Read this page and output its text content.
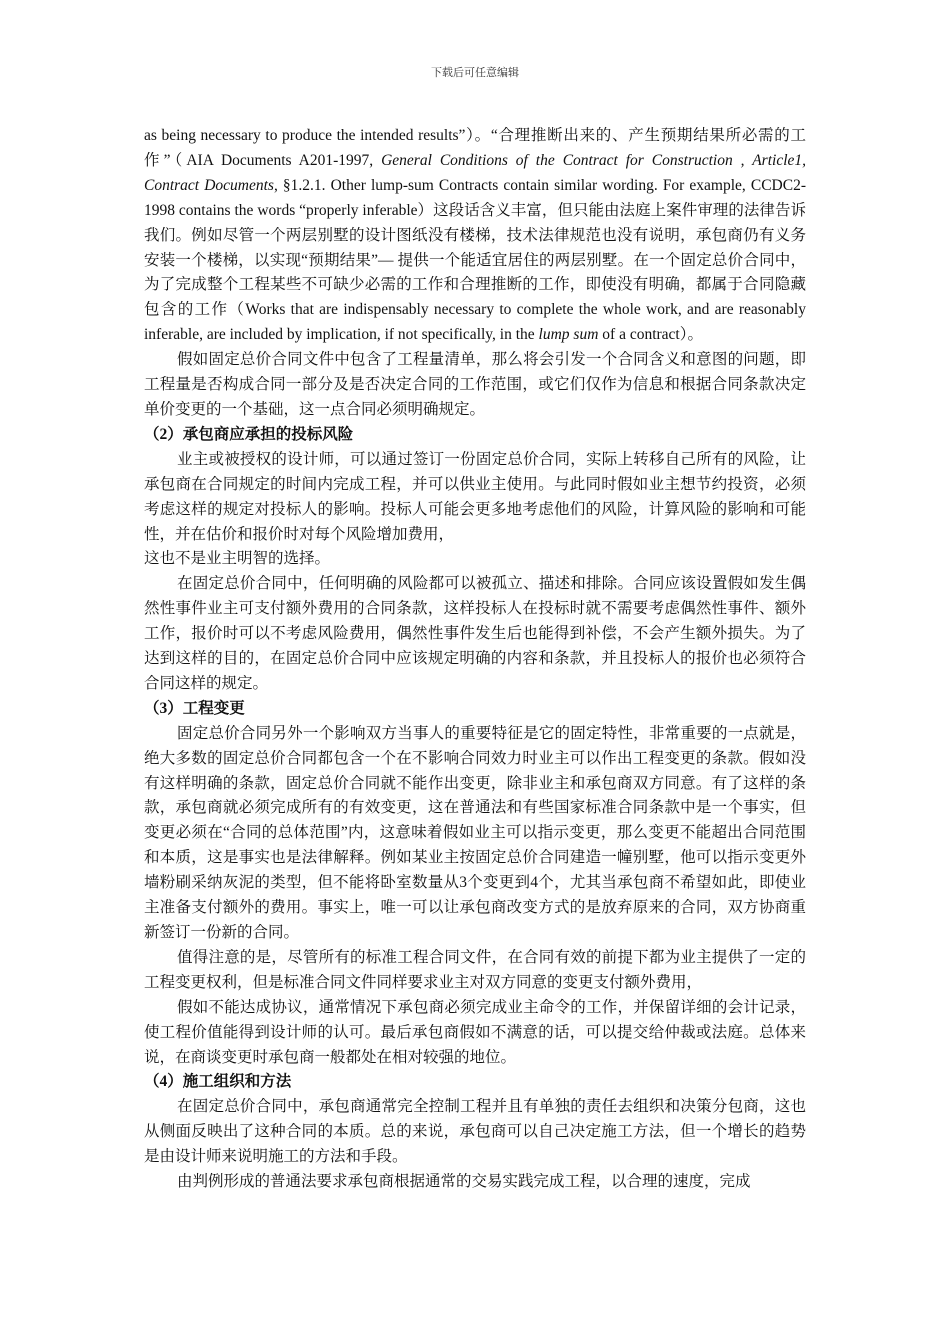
下载后可任意编辑

as being necessary to produce the intended results”）。“合理推断出来的、产生预期结果所必需的工作”（AIA Documents A201-1997, General Conditions of the Contract for Construction , Article1, Contract Documents, §1.2.1. Other lump-sum Contracts contain similar wording. For example, CCDC2-1998 contains the words “properly inferable）这段话含义丰富，但只能由法庭上案件审理的法律告诉我们。例如尽管一个两层别墅的设计图纸没有楼梯，技术法律规范也没有说明，承包商仍有义务安装一个楼梯，以实现“预期结果”— 提供一个能适宜居住的两层别墅。在一个固定总价合同中，为了完成整个工程某些不可缺少必需的工作和合理推断的工作，即使没有明确，都属于合同隐藏包含的工作（Works that are indispensably necessary to complete the whole work, and are reasonably inferable, are included by implication, if not specifically, in the lump sum of a contract）。

假如固定总价合同文件中包含了工程量清单，那么将会引发一个合同含义和意图的问题，即工程量是否构成合同一部分及是否决定合同的工作范围，或它们仅作为信息和根据合同条款决定单价变更的一个基础，这一点合同必须明确规定。

（2）承包商应承担的投标风险

业主或被授权的设计师，可以通过签订一份固定总价合同，实际上转移自己所有的风险，让承包商在合同规定的时间内完成工程，并可以供业主使用。与此同时假如业主想节约投资，必须考虑这样的规定对投标人的影响。投标人可能会更多地考虑他们的风险，计算风险的影响和可能性，并在估价和报价时对每个风险增加费用，

这也不是业主明智的选择。

在固定总价合同中，任何明确的风险都可以被孤立、描述和排除。合同应该设置假如发生偶然性事件业主可支付额外费用的合同条款，这样投标人在投标时就不需要考虑偶然性事件、额外工作，报价时可以不考虑风险费用，偶然性事件发生后也能得到补偿，不会产生额外损失。为了达到这样的目的，在固定总价合同中应该规定明确的内容和条款，并且投标人的报价也必须符合合同这样的规定。

（3）工程变更

固定总价合同另外一个影响双方当事人的重要特征是它的固定特性，非常重要的一点就是，绝大多数的固定总价合同都包含一个在不影响合同效力时业主可以作出工程变更的条款。假如没有这样明确的条款，固定总价合同就不能作出变更，除非业主和承包商双方同意。有了这样的条款，承包商就必须完成所有的有效变更，这在普通法和有些国家标准合同条款中是一个事实，但变更必须在“合同的总体范围”内，这意味着假如业主可以指示变更，那么变更不能超出合同范围和本质，这是事实也是法律解释。例如某业主按固定总价合同建造一幢别墅，他可以指示变更外墙粉刷采纳灰泥的类型，但不能将卧室数量从3个变更到4个，尤其当承包商不希望如此，即使业主准备支付额外的费用。事实上，唯一可以让承包商改变方式的是放弃原来的合同，双方协商重新签订一份新的合同。

值得注意的是，尽管所有的标准工程合同文件，在合同有效的前提下都为业主提供了一定的工程变更权利，但是标准合同文件同样要求业主对双方同意的变更支付额外费用，

假如不能达成协议，通常情况下承包商必须完成业主命令的工作，并保留详细的会计记录，使工程价值能得到设计师的认可。最后承包商假如不满意的话，可以提交给仲裁或法庭。总体来说，在商谈变更时承包商一般都处在相对较强的地位。

（4）施工组织和方法

在固定总价合同中，承包商通常完全控制工程并且有单独的责任去组织和决策分包商，这也从侧面反映出了这种合同的本质。总的来说，承包商可以自己决定施工方法，但一个增长的趋势是由设计师来说明施工的方法和手段。

由判例形成的普通法要求承包商根据通常的交易实践完成工程，以合理的速度，完成
